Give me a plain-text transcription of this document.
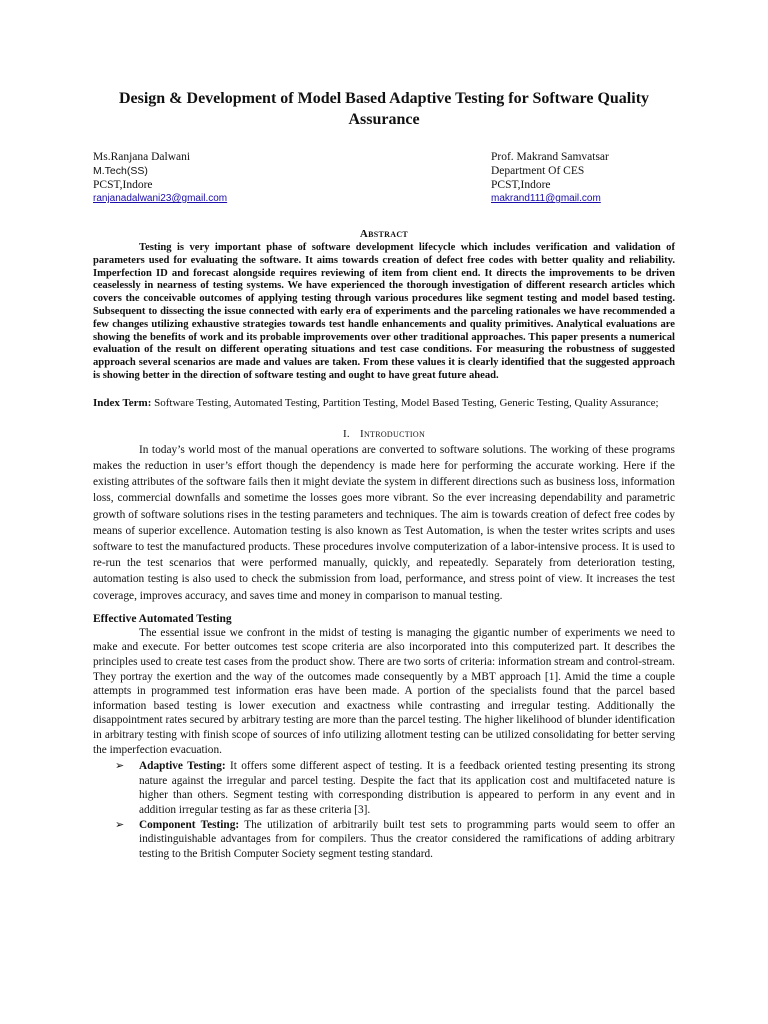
Design & Development of Model Based Adaptive Testing for Software Quality Assurance
Ms.Ranjana Dalwani
M.Tech(SS)
PCST,Indore
ranjanadalwani23@gmail.com
Prof. Makrand Samvatsar
Department Of CES
PCST,Indore
makrand111@gmail.com
Abstract

Testing is very important phase of software development lifecycle which includes verification and validation of parameters used for evaluating the software. It aims towards creation of defect free codes with better quality and reliability. Imperfection ID and forecast alongside requires reviewing of item from client end. It directs the improvements to be driven ceaselessly in nearness of testing systems. We have experienced the thorough investigation of different research articles which covers the conceivable outcomes of applying testing through various procedures like segment testing and model based testing. Subsequent to dissecting the issue connected with early era of experiments and the parceling rationales we have recommended a few changes utilizing exhaustive strategies towards test handle enhancements and quality primitives. Analytical evaluations are showing the benefits of work and its probable improvements over other traditional approaches. This paper presents a numerical evaluation of the result on different operating situations and test case conditions. For measuring the robustness of suggested approach several scenarios are made and values are taken. From these values it is clearly identified that the suggested approach is showing better in the direction of software testing and ought to have great future ahead.

Index Term: Software Testing, Automated Testing, Partition Testing, Model Based Testing, Generic Testing, Quality Assurance;

I. Introduction

In today’s world most of the manual operations are converted to software solutions. The working of these programs makes the reduction in user’s effort though the dependency is made here for performing the accurate working. Here if the existing attributes of the software fails then it might deviate the system in different directions such as business loss, information loss, commercial downfalls and sometime the losses goes more vibrant. So the ever increasing dependability and parametric growth of software solutions rises in the testing parameters and techniques. The aim is towards creation of defect free codes by means of superior excellence. Automation testing is also known as Test Automation, is when the tester writes scripts and uses software to test the manufactured products. These procedures involve computerization of a labor-intensive process. It is used to re-run the test scenarios that were performed manually, quickly, and repeatedly. Separately from deterioration testing, automation testing is also used to check the submission from load, performance, and stress point of view. It increases the test coverage, improves accuracy, and saves time and money in comparison to manual testing.

Effective Automated Testing

The essential issue we confront in the midst of testing is managing the gigantic number of experiments we need to make and execute. For better outcomes test scope criteria are also incorporated into this computerized part. It describes the principles used to create test cases from the product show. There are two sorts of criteria: information stream and control-stream. They portray the exertion and the way of the outcomes made consequently by a MBT approach [1]. Amid the time a couple attempts in programmed test information eras have been made. A portion of the specialists found that the parcel based information based testing is lower execution and exactness while contrasting and irregular testing. Additionally the disappointment rates secured by arbitrary testing are more than the parcel testing. The higher likelihood of blunder identification in arbitrary testing with finish scope of sources of info utilizing allotment testing can be utilized consolidating for better serving the imperfection evacuation.

➢ Adaptive Testing: It offers some different aspect of testing. It is a feedback oriented testing presenting its strong nature against the irregular and parcel testing. Despite the fact that its application cost and multifaceted nature is higher than others. Segment testing with corresponding distribution is appeared to perform in any event and in addition irregular testing as far as these criteria [3].
➢ Component Testing: The utilization of arbitrarily built test sets to programming parts would seem to offer an indistinguishable advantages from for compilers. Thus the creator considered the ramifications of adding arbitrary testing to the British Computer Society segment testing standard.
